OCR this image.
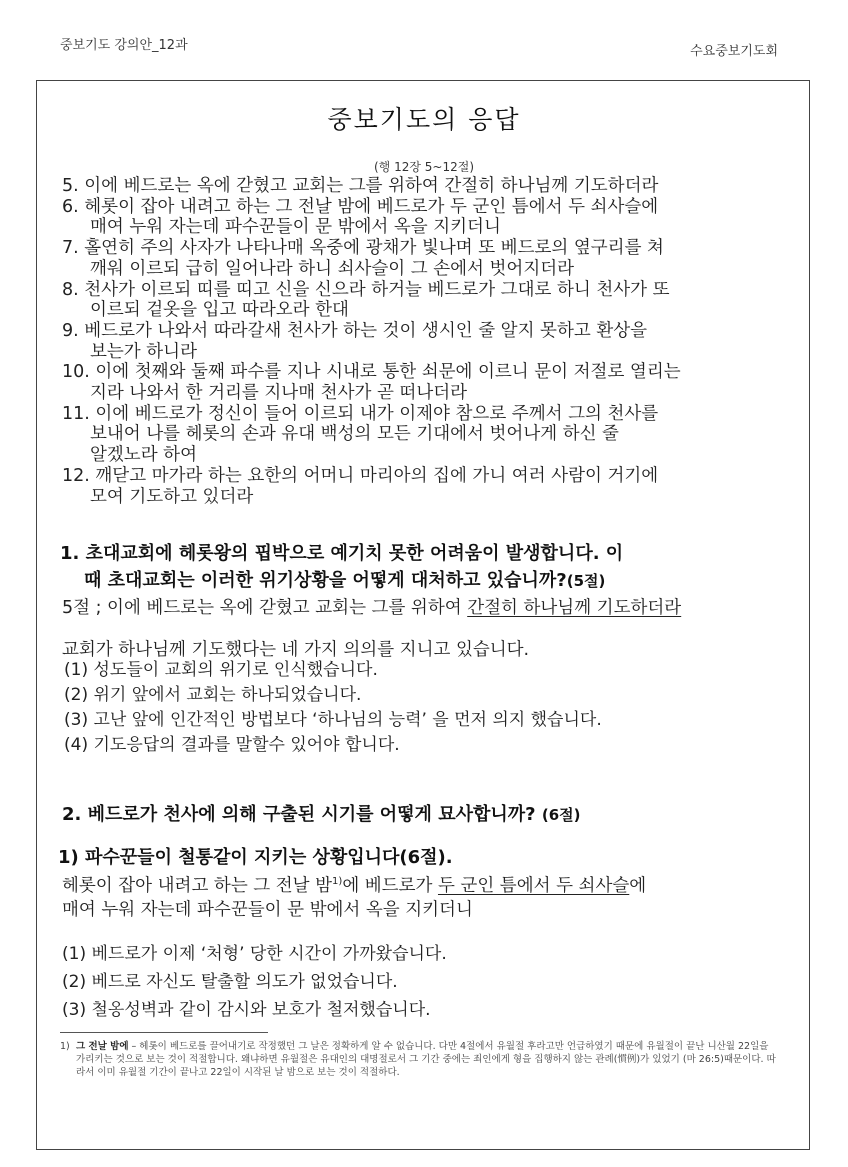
중보기도 강의안_12과	수요중보기도회
중보기도의 응답
(행 12장 5~12절)
5. 이에 베드로는 옥에 갇혔고 교회는 그를 위하여 간절히 하나님께 기도하더라
6. 헤롯이 잡아 내려고 하는 그 전날 밤에 베드로가 두 군인 틈에서 두 쇠사슬에
매여 누워 자는데 파수꾼들이 문 밖에서 옥을 지키더니
7. 홀연히 주의 사자가 나타나매 옥중에 광채가 빛나며 또 베드로의 옆구리를 쳐
깨워 이르되 급히 일어나라 하니 쇠사슬이 그 손에서 벗어지더라
8. 천사가 이르되 띠를 띠고 신을 신으라 하거늘 베드로가 그대로 하니 천사가 또
이르되 겉옷을 입고 따라오라 한대
9. 베드로가 나와서 따라갈새 천사가 하는 것이 생시인 줄 알지 못하고 환상을
보는가 하니라
10. 이에 첫째와 둘째 파수를 지나 시내로 통한 쇠문에 이르니 문이 저절로 열리는
지라 나와서 한 거리를 지나매 천사가 곧 떠나더라
11. 이에 베드로가 정신이 들어 이르되 내가 이제야 참으로 주께서 그의 천사를
보내어 나를 헤롯의 손과 유대 백성의 모든 기대에서 벗어나게 하신 줄
알겠노라 하여
12. 깨닫고 마가라 하는 요한의 어머니 마리아의 집에 가니 여러 사람이 거기에
모여 기도하고 있더라
1. 초대교회에 헤롯왕의 핍박으로 예기치 못한 어려움이 발생합니다. 이
때 초대교회는 이러한 위기상황을 어떻게 대처하고 있습니까?(5절)
5절 ; 이에 베드로는 옥에 갇혔고 교회는 그를 위하여 간절히 하나님께 기도하더라
교회가 하나님께 기도했다는 네 가지 의의를 지니고 있습니다.
(1) 성도들이 교회의 위기로 인식했습니다.
(2) 위기 앞에서 교회는 하나되었습니다.
(3) 고난 앞에 인간적인 방법보다 ‘하나님의 능력’ 을 먼저 의지 했습니다.
(4) 기도응답의 결과를 말할수 있어야 합니다.
2. 베드로가 천사에 의해 구출된 시기를 어떻게 묘사합니까? (6절)
1) 파수꾼들이 철통같이 지키는 상황입니다(6절).
헤롯이 잡아 내려고 하는 그 전날 밤$^{1)}$에 베드로가 두 군인 틈에서 두 쇠사슬에
매여 누워 자는데 파수꾼들이 문 밖에서 옥을 지키더니
(1) 베드로가 이제 ‘처형’ 당한 시간이 가까왔습니다.
(2) 베드로 자신도 탈출할 의도가 없었습니다.
(3) 철옹성벽과 같이 감시와 보호가 철저했습니다.
1) 그 전날 밤에 – 헤롯이 베드로를 끌어내기로 작정했던 그 날은 정확하게 알 수 없습니다. 다만 4절에서 유월절 후라고만 언급하였기 때문에 유월절이 끝난 니산월 22일을 가리키는 것으로 보는 것이 적절합니다. 왜냐하면 유월절은 유대인의 대명절로서 그 기간 중에는 죄인에게 형을 집행하지 않는 관례(慣例)가 있었기 (마 26:5)때문이다. 따라서 이미 유월절 기간이 끝나고 22일이 시작된 날 밤으로 보는 것이 적절하다.
